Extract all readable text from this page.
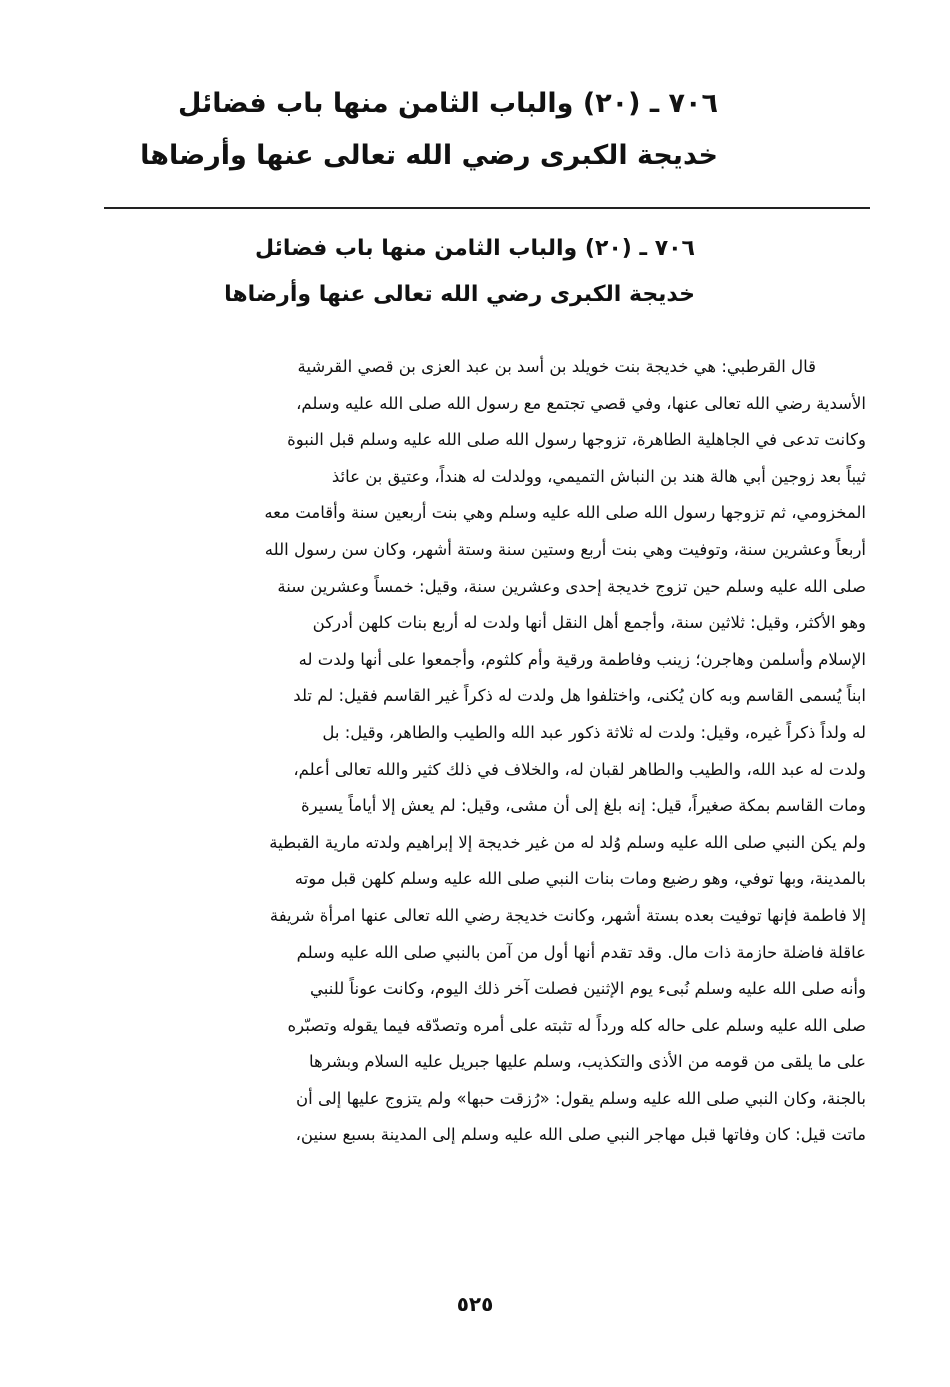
٧٠٦ ـ (٢٠) والباب الثامن منها باب فضائل
خديجة الكبرى رضي الله تعالى عنها وأرضاها
٧٠٦ ـ (٢٠) والباب الثامن منها باب فضائل
خديجة الكبرى رضي الله تعالى عنها وأرضاها
قال القرطبي: هي خديجة بنت خويلد بن أسد بن عبد العزى بن قصي القرشية
الأسدية رضي الله تعالى عنها، وفي قصي تجتمع مع رسول الله صلى الله عليه وسلم،
وكانت تدعى في الجاهلية الطاهرة، تزوجها رسول الله صلى الله عليه وسلم قبل النبوة
ثيباً بعد زوجين أبي هالة هند بن النباش التميمي، وولدلت له هنداً، وعتيق بن عائذ
المخزومي، ثم تزوجها رسول الله صلى الله عليه وسلم وهي بنت أربعين سنة وأقامت معه
أربعاً وعشرين سنة، وتوفيت وهي بنت أربع وستين سنة وستة أشهر، وكان سن رسول الله
صلى الله عليه وسلم حين تزوج خديجة إحدى وعشرين سنة، وقيل: خمساً وعشرين سنة
وهو الأكثر، وقيل: ثلاثين سنة، وأجمع أهل النقل أنها ولدت له أربع بنات كلهن أدركن
الإسلام وأسلمن وهاجرن؛ زينب وفاطمة ورقية وأم كلثوم، وأجمعوا على أنها ولدت له
ابناً يُسمى القاسم وبه كان يُكنى، واختلفوا هل ولدت له ذكراً غير القاسم فقيل: لم تلد
له ولداً ذكراً غيره، وقيل: ولدت له ثلاثة ذكور عبد الله والطيب والطاهر، وقيل: بل
ولدت له عبد الله، والطيب والطاهر لقبان له، والخلاف في ذلك كثير والله تعالى أعلم،
ومات القاسم بمكة صغيراً، قيل: إنه بلغ إلى أن مشى، وقيل: لم يعش إلا أياماً يسيرة
ولم يكن النبي صلى الله عليه وسلم وُلد له من غير خديجة إلا إبراهيم ولدته مارية القبطية
بالمدينة، وبها توفي، وهو رضيع ومات بنات النبي صلى الله عليه وسلم كلهن قبل موته
إلا فاطمة فإنها توفيت بعده بستة أشهر، وكانت خديجة رضي الله تعالى عنها امرأة شريفة
عاقلة فاضلة حازمة ذات مال. وقد تقدم أنها أول من آمن بالنبي صلى الله عليه وسلم
وأنه صلى الله عليه وسلم نُبىء يوم الإثنين فصلت آخر ذلك اليوم، وكانت عوناً للنبي
صلى الله عليه وسلم على حاله كله ورداً له تثبته على أمره وتصدّقه فيما يقوله وتصبّره
على ما يلقى من قومه من الأذى والتكذيب، وسلم عليها جبريل عليه السلام وبشرها
بالجنة، وكان النبي صلى الله عليه وسلم يقول: «رُزقت حبها» ولم يتزوج عليها إلى أن
ماتت قيل: كان وفاتها قبل مهاجر النبي صلى الله عليه وسلم إلى المدينة بسبع سنين،
٥٢٥
